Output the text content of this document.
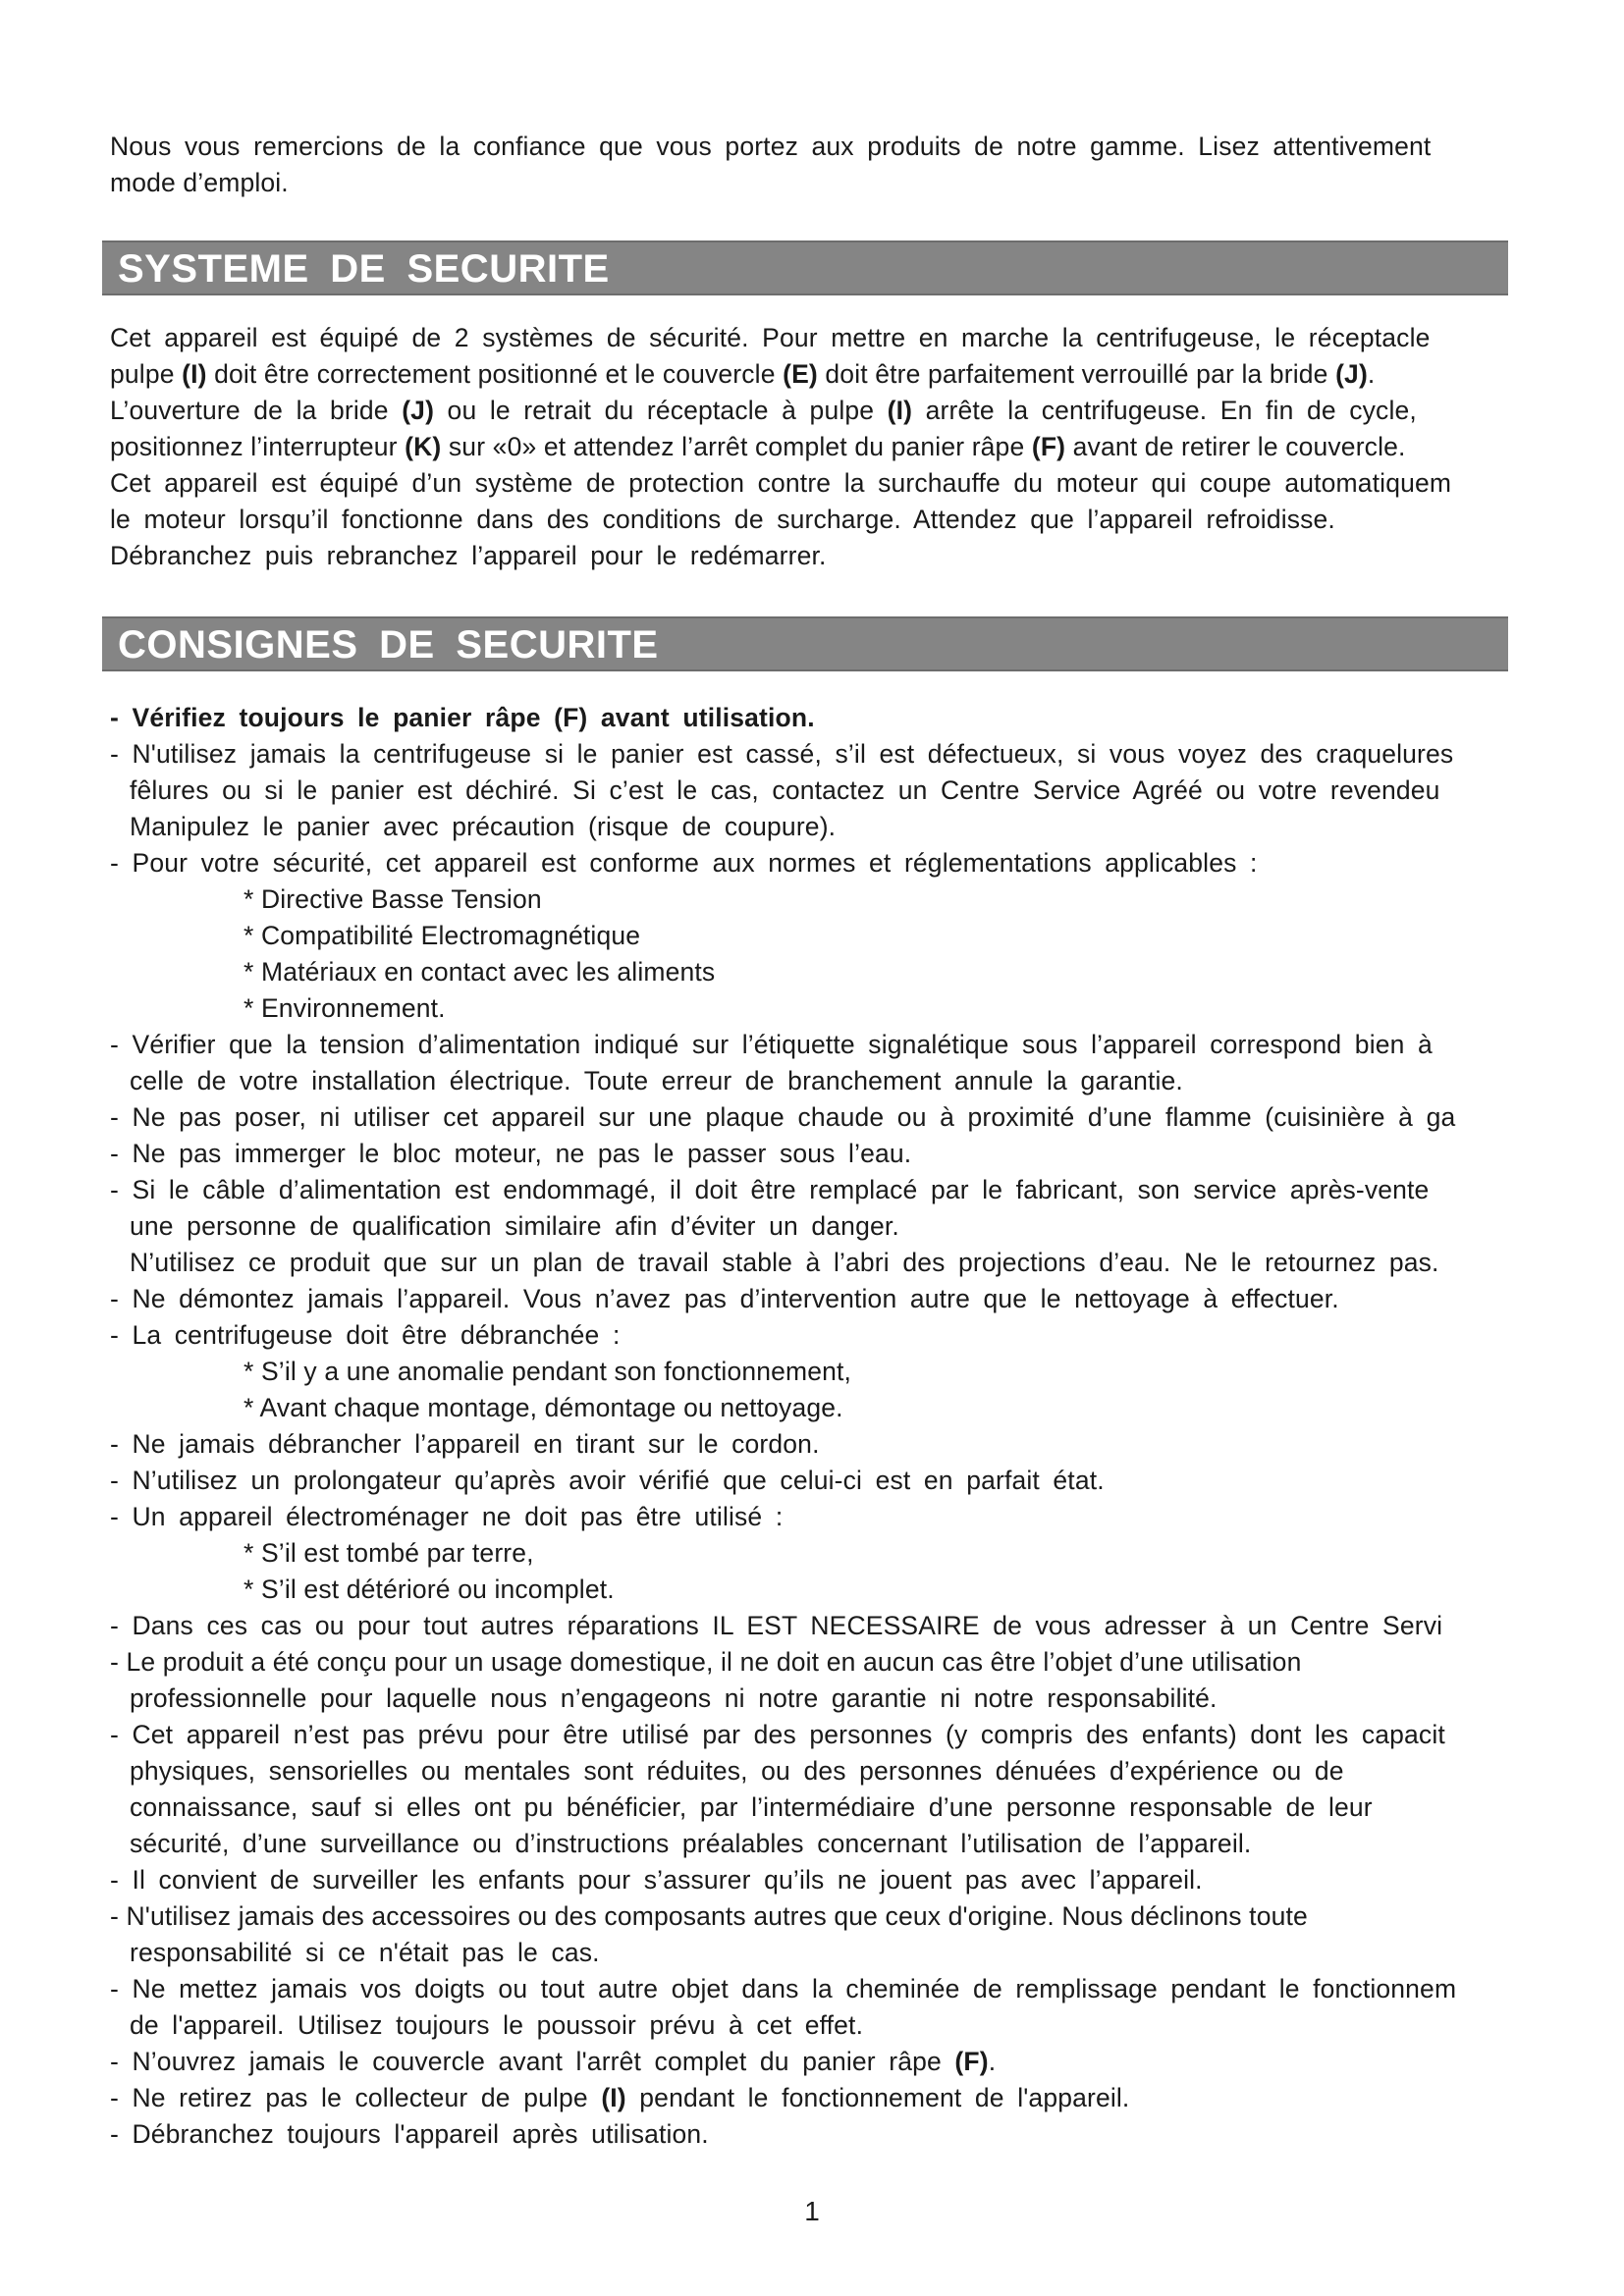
Nous vous remercions de la confiance que vous portez aux produits de notre gamme. Lisez attentivement
mode d’emploi.
SYSTEME DE SECURITE
Cet appareil est équipé de 2 systèmes de sécurité. Pour mettre en marche la centrifugeuse, le réceptacle
pulpe (I) doit être correctement positionné et le couvercle (E) doit être parfaitement verrouillé par la bride (J).
L’ouverture de la bride (J) ou le retrait du réceptacle à pulpe (I) arrête la centrifugeuse. En fin de cycle,
positionnez l’interrupteur (K) sur «0» et attendez l’arrêt complet du panier râpe (F) avant de retirer le couvercle.
Cet appareil est équipé d’un système de protection contre la surchauffe du moteur qui coupe automatiquem
le moteur lorsqu’il fonctionne dans des conditions de surcharge. Attendez que l’appareil refroidisse.
Débranchez puis rebranchez l’appareil pour le redémarrer.
CONSIGNES DE SECURITE
- Vérifiez toujours le panier râpe (F) avant utilisation.
- N'utilisez jamais la centrifugeuse si le panier est cassé, s’il est défectueux, si vous voyez des craquelures
fêlures ou si le panier est déchiré. Si c’est le cas, contactez un Centre Service Agréé ou votre revendeu
Manipulez le panier avec précaution (risque de coupure).
- Pour votre sécurité, cet appareil est conforme aux normes et réglementations applicables :
* Directive Basse Tension
* Compatibilité Electromagnétique
* Matériaux en contact avec les aliments
* Environnement.
- Vérifier que la tension d’alimentation indiqué sur l’étiquette signalétique sous l’appareil correspond bien à
celle de votre installation électrique. Toute erreur de branchement annule la garantie.
- Ne pas poser, ni utiliser cet appareil sur une plaque chaude ou à proximité d’une flamme (cuisinière à ga
- Ne pas immerger le bloc moteur, ne pas le passer sous l’eau.
- Si le câble d’alimentation est endommagé, il doit être remplacé par le fabricant, son service après-vente
une personne de qualification similaire afin d’éviter un danger.
N’utilisez ce produit que sur un plan de travail stable à l’abri des projections d’eau. Ne le retournez pas.
- Ne démontez jamais l’appareil. Vous n’avez pas d’intervention autre que le nettoyage à effectuer.
- La centrifugeuse doit être débranchée :
* S’il y a une anomalie pendant son fonctionnement,
* Avant chaque montage, démontage ou nettoyage.
- Ne jamais débrancher l’appareil en tirant sur le cordon.
- N’utilisez un prolongateur qu’après avoir vérifié que celui-ci est en parfait état.
- Un appareil électroménager ne doit pas être utilisé :
* S’il est tombé par terre,
* S’il est détérioré ou incomplet.
- Dans ces cas ou pour tout autres réparations IL EST NECESSAIRE de vous adresser à un Centre Servi
- Le produit a été conçu pour un usage domestique, il ne doit en aucun cas être l’objet d’une utilisation
professionnelle pour laquelle nous n’engageons ni notre garantie ni notre responsabilité.
- Cet appareil n’est pas prévu pour être utilisé par des personnes (y compris des enfants) dont les capacit
physiques, sensorielles ou mentales sont réduites, ou des personnes dénuées d’expérience ou de
connaissance, sauf si elles ont pu bénéficier, par l’intermédiaire d’une personne responsable de leur
sécurité, d’une surveillance ou d’instructions préalables concernant l’utilisation de l’appareil.
- Il convient de surveiller les enfants pour s’assurer qu’ils ne jouent pas avec l’appareil.
- N'utilisez jamais des accessoires ou des composants autres que ceux d'origine. Nous déclinons toute
responsabilité si ce n'était pas le cas.
- Ne mettez jamais vos doigts ou tout autre objet dans la cheminée de remplissage pendant le fonctionnem
de l'appareil. Utilisez toujours le poussoir prévu à cet effet.
- N’ouvrez jamais le couvercle avant l'arrêt complet du panier râpe (F).
- Ne retirez pas le collecteur de pulpe (I) pendant le fonctionnement de l'appareil.
- Débranchez toujours l'appareil après utilisation.
1
